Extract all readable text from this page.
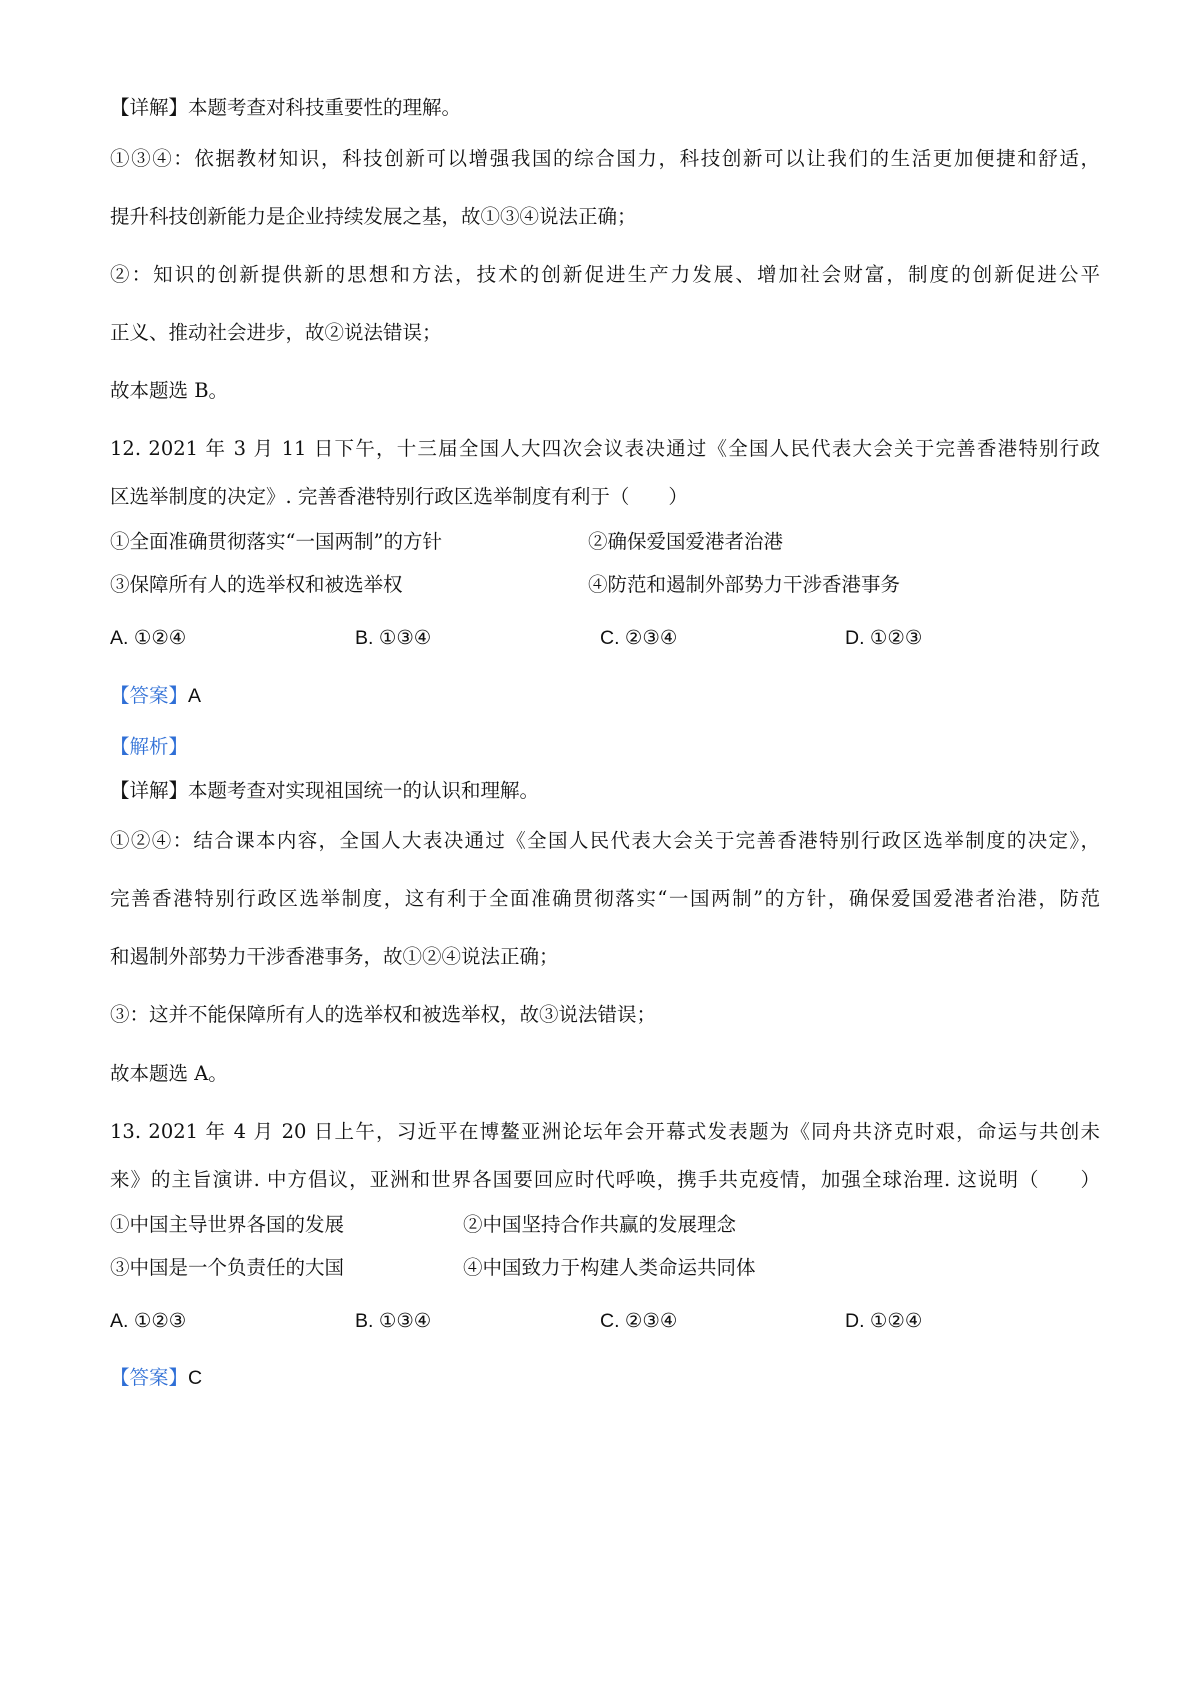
【详解】本题考查对科技重要性的理解。
①③④：依据教材知识，科技创新可以增强我国的综合国力，科技创新可以让我们的生活更加便捷和舒适，
提升科技创新能力是企业持续发展之基，故①③④说法正确；
②：知识的创新提供新的思想和方法，技术的创新促进生产力发展、增加社会财富，制度的创新促进公平
正义、推动社会进步，故②说法错误；
故本题选 B。
12. 2021 年 3 月 11 日下午，十三届全国人大四次会议表决通过《全国人民代表大会关于完善香港特别行政
区选举制度的决定》. 完善香港特别行政区选举制度有利于（　　）
①全面准确贯彻落实“一国两制”的方针	②确保爱国爱港者治港
③保障所有人的选举权和被选举权	④防范和遏制外部势力干涉香港事务
A. ①②④	B. ①③④	C. ②③④	D. ①②③
【答案】A
【解析】
【详解】本题考查对实现祖国统一的认识和理解。
①②④：结合课本内容，全国人大表决通过《全国人民代表大会关于完善香港特别行政区选举制度的决定》，
完善香港特别行政区选举制度，这有利于全面准确贯彻落实“一国两制”的方针，确保爱国爱港者治港，防范
和遏制外部势力干涉香港事务，故①②④说法正确；
③：这并不能保障所有人的选举权和被选举权，故③说法错误；
故本题选 A。
13. 2021 年 4 月 20 日上午，习近平在博鳌亚洲论坛年会开幕式发表题为《同舟共济克时艰，命运与共创未
来》的主旨演讲. 中方倡议，亚洲和世界各国要回应时代呼唤，携手共克疫情，加强全球治理. 这说明（　　）
①中国主导世界各国的发展	②中国坚持合作共赢的发展理念
③中国是一个负责任的大国	④中国致力于构建人类命运共同体
A. ①②③	B. ①③④	C. ②③④	D. ①②④
【答案】C
